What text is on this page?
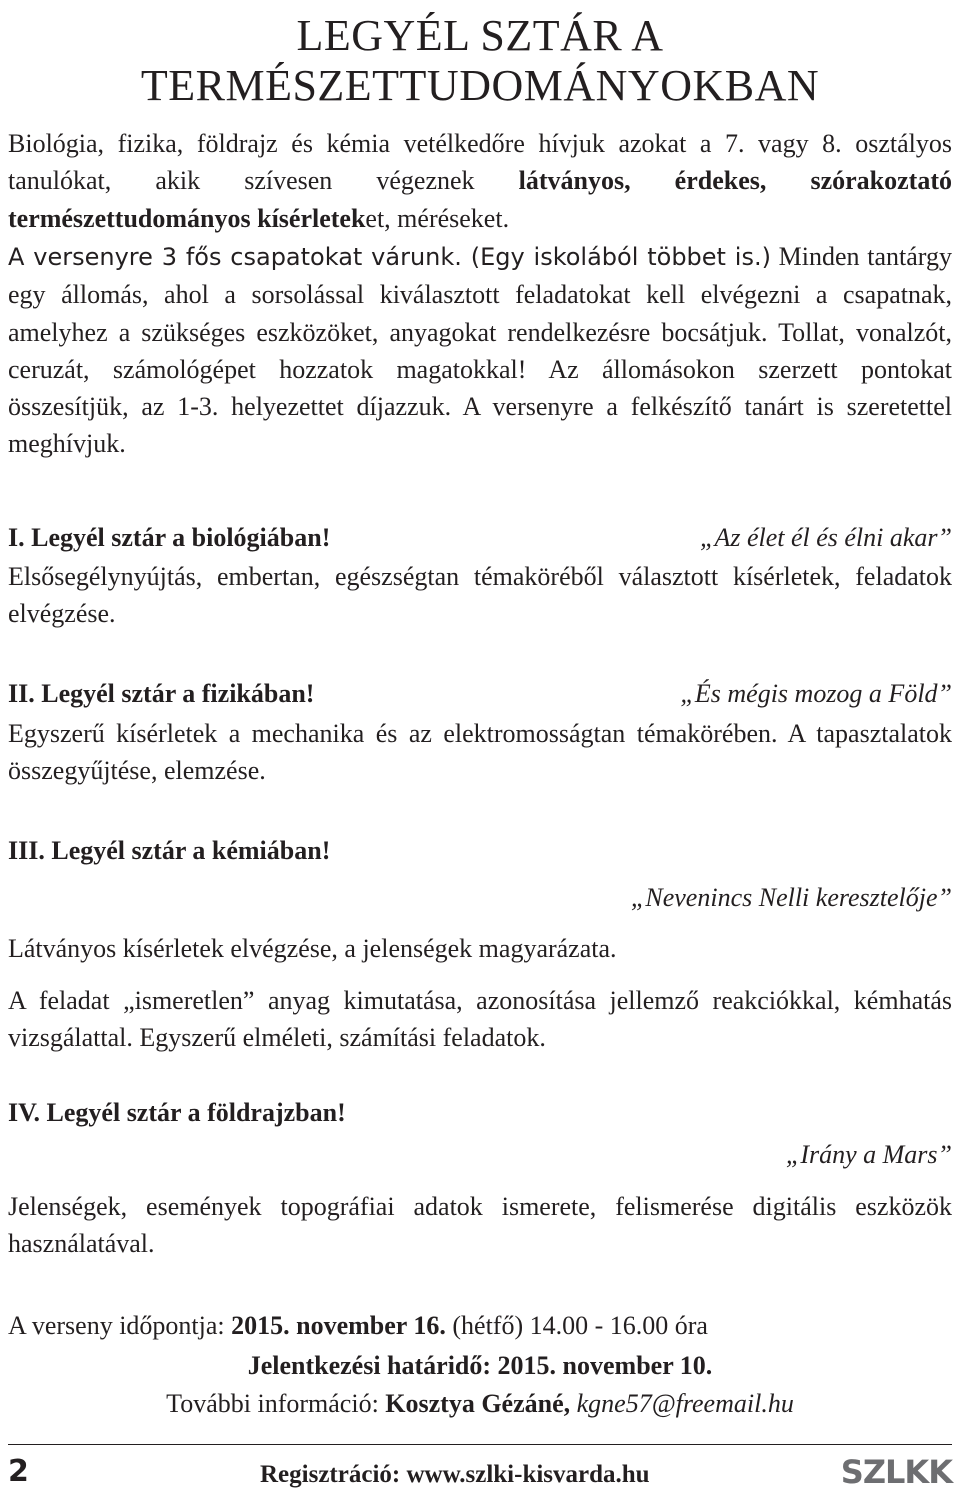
LEGYÉL SZTÁR A
TERMÉSZETTUDOMÁNYOKBAN
Biológia, fizika, földrajz és kémia vetélkedőre hívjuk azokat a 7. vagy 8. osztályos tanulókat, akik szívesen végeznek látványos, érdekes, szórakoztató természettudományos kísérleteket, méréseket.
A versenyre 3 fős csapatokat várunk. (Egy iskolából többet is.) Minden tantárgy egy állomás, ahol a sorsolással kiválasztott feladatokat kell elvégezni a csapatnak, amelyhez a szükséges eszközöket, anyagokat rendelkezésre bocsátjuk. Tollat, vonalzót, ceruzát, számológépet hozzatok magatokkal! Az állomásokon szerzett pontokat összesítjük, az 1-3. helyezettet díjazzuk. A versenyre a felkészítő tanárt is szeretettel meghívjuk.
I. Legyél sztár a biológiában!	„Az élet él és élni akar”
Elsősegélynyújtás, embertan, egészségtan témaköréből választott kísérletek, feladatok elvégzése.
II. Legyél sztár a fizikában!	„És mégis mozog a Föld”
Egyszerű kísérletek a mechanika és az elektromosságtan témakörében. A tapasztalatok összegyűjtése, elemzése.
III. Legyél sztár a kémiában!
„Nevenincs Nelli keresztelője”
Látványos kísérletek elvégzése, a jelenségek magyarázata.
A feladat „ismeretlen” anyag kimutatása, azonosítása jellemző reakciókkal, kémhatás vizsgálattal. Egyszerű elméleti, számítási feladatok.
IV. Legyél sztár a földrajzban!
„Irány a Mars”
Jelenségek, események topográfiai adatok ismerete, felismerése digitális eszközök használatával.
A verseny időpontja: 2015. november 16. (hétfő) 14.00 - 16.00 óra
Jelentkezési határidő: 2015. november 10.
További információ: Kosztya Gézáné, kgne57@freemail.hu
2	Regisztráció: www.szlki-kisvarda.hu	SZLKK
